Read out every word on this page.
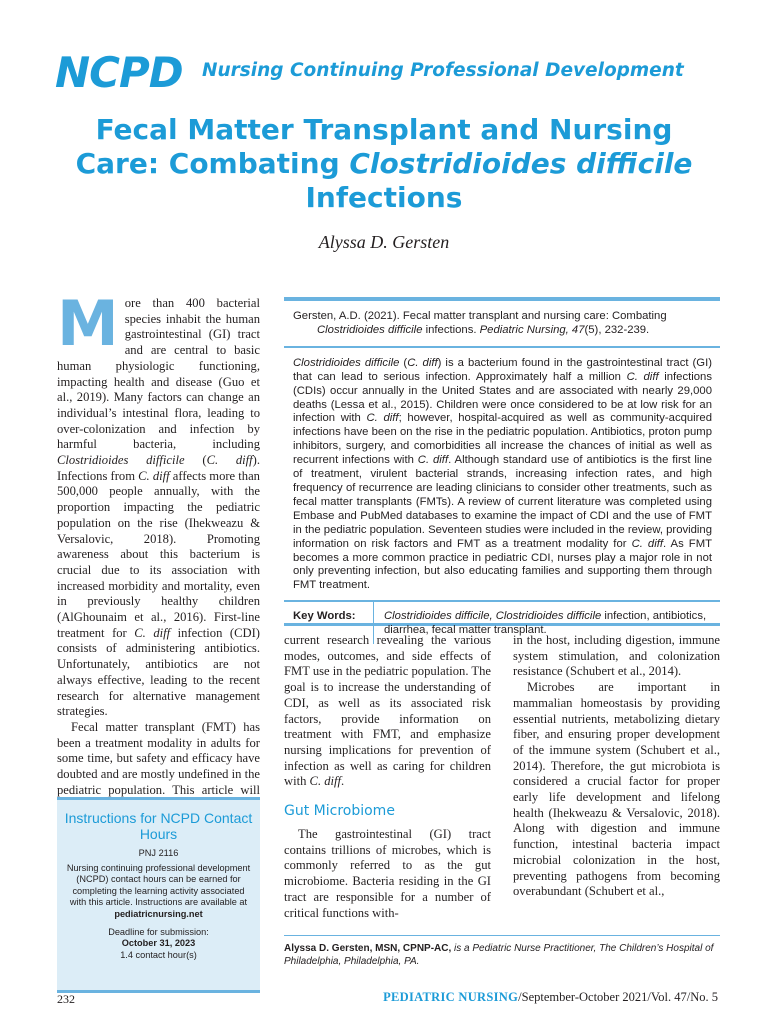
NCPD Nursing Continuing Professional Development
Fecal Matter Transplant and Nursing
Care: Combating Clostridioides difficile
Infections
Alyssa D. Gersten

More than 400 bacterial species inhabit the human gastrointestinal (GI) tract and are central to basic human physiologic functioning, impacting health and disease (Guo et al., 2019). Many factors can change an individual’s intestinal flora, leading to over-colonization and infection by harmful bacteria, including Clostridioides difficile (C. diff). Infections from C. diff affects more than 500,000 people annually, with the proportion impacting the pediatric population on the rise (Ihekweazu & Versalovic, 2018). Promoting awareness about this bacterium is crucial due to its association with increased morbidity and mortality, even in previously healthy children (AlGhounaim et al., 2016). First-line treatment for C. diff infection (CDI) consists of administering antibiotics. Unfortunately, antibiotics are not always effective, leading to the recent research for alternative management strategies.

Fecal matter transplant (FMT) has been a treatment modality in adults for some time, but safety and efficacy have doubted and are mostly undefined in the pediatric population. This article will

Gersten, A.D. (2021). Fecal matter transplant and nursing care: Combating
Clostridioides difficile infections. Pediatric Nursing, 47(5), 232-239.
Clostridioides difficile (C. diff) is a bacterium found in the gastrointestinal tract (GI) that can lead to serious infection. Approximately half a million C. diff infections (CDIs) occur annually in the United States and are associated with nearly 29,000 deaths (Lessa et al., 2015). Children were once considered to be at low risk for an infection with C. diff; however, hospital-acquired as well as community-acquired infections have been on the rise in the pediatric population. Antibiotics, proton pump inhibitors, surgery, and comorbidities all increase the chances of initial as well as recurrent infections with C. diff. Although standard use of antibiotics is the first line of treatment, virulent bacterial strands, increasing infection rates, and high frequency of recurrence are leading clinicians to consider other treatments, such as fecal matter transplants (FMTs). A review of current literature was completed using Embase and PubMed databases to examine the impact of CDI and the use of FMT in the pediatric population. Seventeen studies were included in the review, providing information on risk factors and FMT as a treatment modality for C. diff. As FMT becomes a more common practice in pediatric CDI, nurses play a major role in not only preventing infection, but also educating families and supporting them through FMT treatment.
Key Words:	Clostridioides difficile, Clostridioides difficile infection, antibiotics, diarrhea, fecal matter transplant.

current research revealing the various modes, outcomes, and side effects of FMT use in the pediatric population. The goal is to increase the understanding of CDI, as well as its associated risk factors, provide information on treatment with FMT, and emphasize nursing implications for prevention of infection as well as caring for children with C. diff.

Gut Microbiome

The gastrointestinal (GI) tract contains trillions of microbes, which is commonly referred to as the gut microbiome. Bacteria residing in the GI tract are responsible for a number of critical functions with-

in the host, including digestion, immune system stimulation, and colonization resistance (Schubert et al., 2014).

Microbes are important in mammalian homeostasis by providing essential nutrients, metabolizing dietary fiber, and ensuring proper development of the immune system (Schubert et al., 2014). Therefore, the gut microbiota is considered a crucial factor for proper early life development and lifelong health (Ihekweazu & Versalovic, 2018). Along with digestion and immune function, intestinal bacteria impact microbial colonization in the host, preventing pathogens from becoming overabundant (Schubert et al.,

Instructions for NCPD Contact Hours
PNJ 2116
Nursing continuing professional development (NCPD) contact hours can be earned for completing the learning activity associated with this article. Instructions are available at
pediatricnursing.net
Deadline for submission:
October 31, 2023
1.4 contact hour(s)
Alyssa D. Gersten, MSN, CPNP-AC, is a Pediatric Nurse Practitioner, The Children’s Hospital of Philadelphia, Philadelphia, PA.
232	PEDIATRIC NURSING/September-October 2021/Vol. 47/No. 5
